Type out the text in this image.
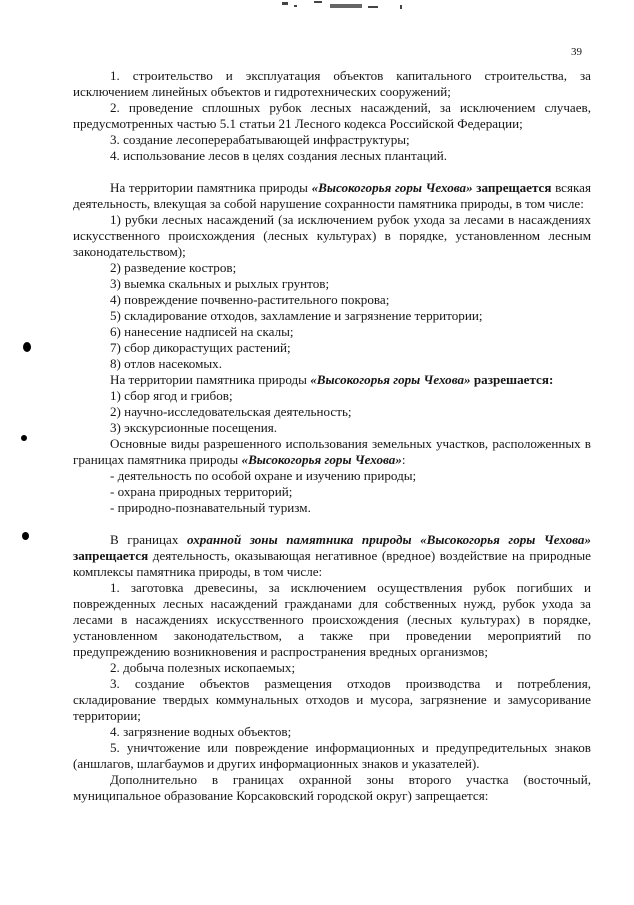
39
1. строительство и эксплуатация объектов капитального строительства, за исключением линейных объектов и гидротехнических сооружений;
2. проведение сплошных рубок лесных насаждений, за исключением случаев, предусмотренных частью 5.1 статьи 21 Лесного кодекса Российской Федерации;
3. создание лесоперерабатывающей инфраструктуры;
4. использование лесов в целях создания лесных плантаций.
На территории памятника природы «Высокогорья горы Чехова» запрещается всякая деятельность, влекущая за собой нарушение сохранности памятника природы, в том числе:
1) рубки лесных насаждений (за исключением рубок ухода за лесами в насаждениях искусственного происхождения (лесных культурах) в порядке, установленном лесным законодательством);
2) разведение костров;
3) выемка скальных и рыхлых грунтов;
4) повреждение почвенно-растительного покрова;
5) складирование отходов, захламление и загрязнение территории;
6) нанесение надписей на скалы;
7) сбор дикорастущих растений;
8) отлов насекомых.
На территории памятника природы «Высокогорья горы Чехова» разрешается:
1) сбор ягод и грибов;
2) научно-исследовательская деятельность;
3) экскурсионные посещения.
Основные виды разрешенного использования земельных участков, расположенных в границах памятника природы «Высокогорья горы Чехова»:
- деятельность по особой охране и изучению природы;
- охрана природных территорий;
- природно-познавательный туризм.
В границах охранной зоны памятника природы «Высокогорья горы Чехова» запрещается деятельность, оказывающая негативное (вредное) воздействие на природные комплексы памятника природы, в том числе:
1. заготовка древесины, за исключением осуществления рубок погибших и поврежденных лесных насаждений гражданами для собственных нужд, рубок ухода за лесами в насаждениях искусственного происхождения (лесных культурах) в порядке, установленном законодательством, а также при проведении мероприятий по предупреждению возникновения и распространения вредных организмов;
2. добыча полезных ископаемых;
3. создание объектов размещения отходов производства и потребления, складирование твердых коммунальных отходов и мусора, загрязнение и замусоривание территории;
4. загрязнение водных объектов;
5. уничтожение или повреждение информационных и предупредительных знаков (аншлагов, шлагбаумов и других информационных знаков и указателей).
Дополнительно в границах охранной зоны второго участка (восточный, муниципальное образование Корсаковский городской округ) запрещается:
